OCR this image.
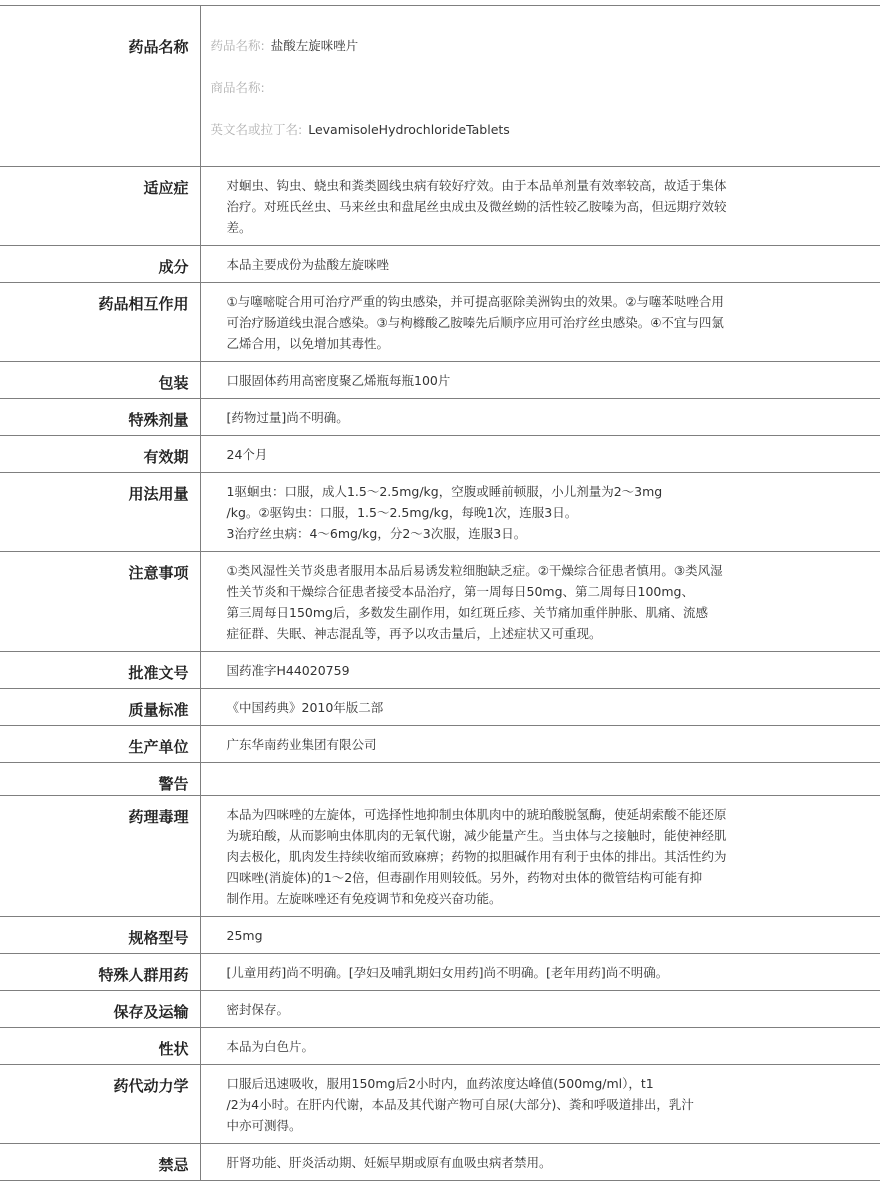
药品名称	药品名称: 盐酸左旋咪唑片

商品名称:

英文名或拉丁名: LevamisoleHydrochlorideTablets

适应症	对蛔虫、钩虫、蛲虫和粪类圆线虫病有较好疗效。由于本品单剂量有效率较高，故适于集体
治疗。对班氏丝虫、马来丝虫和盘尾丝虫成虫及微丝蚴的活性较乙胺嗪为高，但远期疗效较
差。
成分	本品主要成份为盐酸左旋咪唑
药品相互作用	①与噻嘧啶合用可治疗严重的钩虫感染，并可提高驱除美洲钩虫的效果。②与噻苯哒唑合用
可治疗肠道线虫混合感染。③与枸橼酸乙胺嗪先后顺序应用可治疗丝虫感染。④不宜与四氯
乙烯合用，以免增加其毒性。
包装	口服固体药用高密度聚乙烯瓶每瓶100片
特殊剂量	[药物过量]尚不明确。
有效期	24个月
用法用量	1驱蛔虫：口服，成人1.5～2.5mg/kg，空腹或睡前顿服，小儿剂量为2～3mg
/kg。②驱钩虫：口服，1.5～2.5mg/kg，每晚1次，连服3日。
3治疗丝虫病：4～6mg/kg，分2～3次服，连服3日。
注意事项	①类风湿性关节炎患者服用本品后易诱发粒细胞缺乏症。②干燥综合征患者慎用。③类风湿
性关节炎和干燥综合征患者接受本品治疗，第一周每日50mg、第二周每日100mg、
第三周每日150mg后，多数发生副作用，如红斑丘疹、关节痛加重伴肿胀、肌痛、流感
症征群、失眠、神志混乱等，再予以攻击量后，上述症状又可重现。
批准文号	国药准字H44020759
质量标准	《中国药典》2010年版二部
生产单位	广东华南药业集团有限公司
警告	
药理毒理	本品为四咪唑的左旋体，可选择性地抑制虫体肌肉中的琥珀酸脱氢酶，使延胡索酸不能还原
为琥珀酸，从而影响虫体肌肉的无氧代谢，减少能量产生。当虫体与之接触时，能使神经肌
肉去极化，肌肉发生持续收缩而致麻痹；药物的拟胆碱作用有利于虫体的排出。其活性约为
四咪唑(消旋体)的1～2倍，但毒副作用则较低。另外，药物对虫体的微管结构可能有抑
制作用。左旋咪唑还有免疫调节和免疫兴奋功能。
规格型号	25mg
特殊人群用药	[儿童用药]尚不明确。[孕妇及哺乳期妇女用药]尚不明确。[老年用药]尚不明确。
保存及运输	密封保存。
性状	本品为白色片。
药代动力学	口服后迅速吸收，服用150mg后2小时内，血药浓度达峰值(500mg/ml），t1
/2为4小时。在肝内代谢，本品及其代谢产物可自尿(大部分)、粪和呼吸道排出，乳汁
中亦可测得。
禁忌	肝肾功能、肝炎活动期、妊娠早期或原有血吸虫病者禁用。
